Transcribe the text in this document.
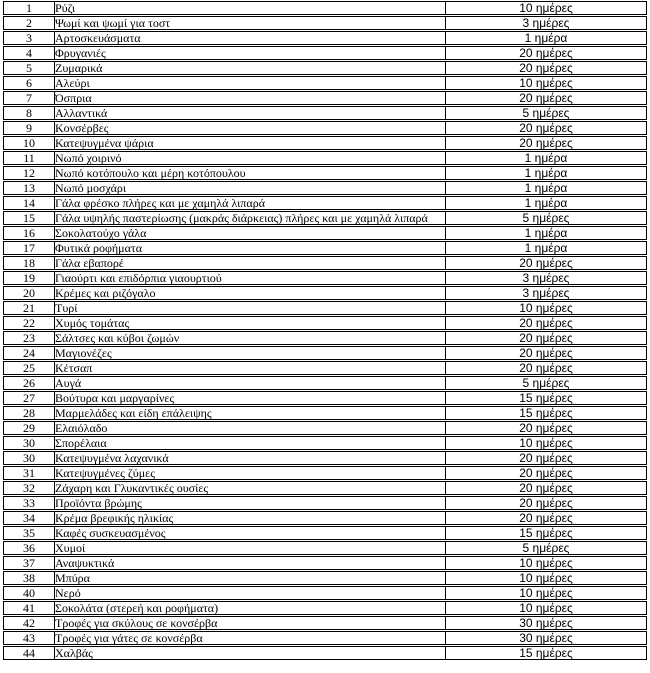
1	Ρύζι	10 ημέρες
2	Ψωμί και ψωμί για τοστ	3 ημέρες
3	Αρτοσκευάσματα	1 ημέρα
4	Φρυγανιές	20 ημέρες
5	Ζυμαρικά	20 ημέρες
6	Αλεύρι	10 ημέρες
7	Όσπρια	20 ημέρες
8	Αλλαντικά	5 ημέρες
9	Κονσέρβες	20 ημέρες
10	Κατεψυγμένα ψάρια	20 ημέρες
11	Νωπό χοιρινό	1 ημέρα
12	Νωπό κοτόπουλο και μέρη κοτόπουλου	1 ημέρα
13	Νωπό μοσχάρι	1 ημέρα
14	Γάλα φρέσκο πλήρες και με χαμηλά λιπαρά	1 ημέρα
15	Γάλα υψηλής παστερίωσης (μακράς διάρκειας) πλήρες και με χαμηλά λιπαρά	5 ημέρες
16	Σοκολατούχο γάλα	1 ημέρα
17	Φυτικά ροφήματα	1 ημέρα
18	Γάλα εβαπορέ	20 ημέρες
19	Γιαούρτι και επιδόρπια γιαουρτιού	3 ημέρες
20	Κρέμες και ριζόγαλο	3 ημέρες
21	Τυρί	10 ημέρες
22	Χυμός τομάτας	20 ημέρες
23	Σάλτσες και κύβοι ζωμών	20 ημέρες
24	Μαγιονέζες	20 ημέρες
25	Κέτσαπ	20 ημέρες
26	Αυγά	5 ημέρες
27	Βούτυρα και μαργαρίνες	15 ημέρες
28	Μαρμελάδες και είδη επάλειψης	15 ημέρες
29	Ελαιόλαδο	20 ημέρες
30	Σπορέλαια	10 ημέρες
30	Κατεψυγμένα λαχανικά	20 ημέρες
31	Κατεψυγμένες ζύμες	20 ημέρες
32	Ζάχαρη και Γλυκαντικές ουσίες	20 ημέρες
33	Προϊόντα βρώμης	20 ημέρες
34	Κρέμα βρεφικής ηλικίας	20 ημέρες
35	Καφές συσκευασμένος	15 ημέρες
36	Χυμοί	5 ημέρες
37	Αναψυκτικά	10 ημέρες
38	Μπύρα	10 ημέρες
40	Νερό	10 ημέρες
41	Σοκολάτα (στερεή και ροφήματα)	10 ημέρες
42	Τροφές για σκύλους σε κονσέρβα	30 ημέρες
43	Τροφές για γάτες σε κονσέρβα	30 ημέρες
44	Χαλβάς	15 ημέρες
